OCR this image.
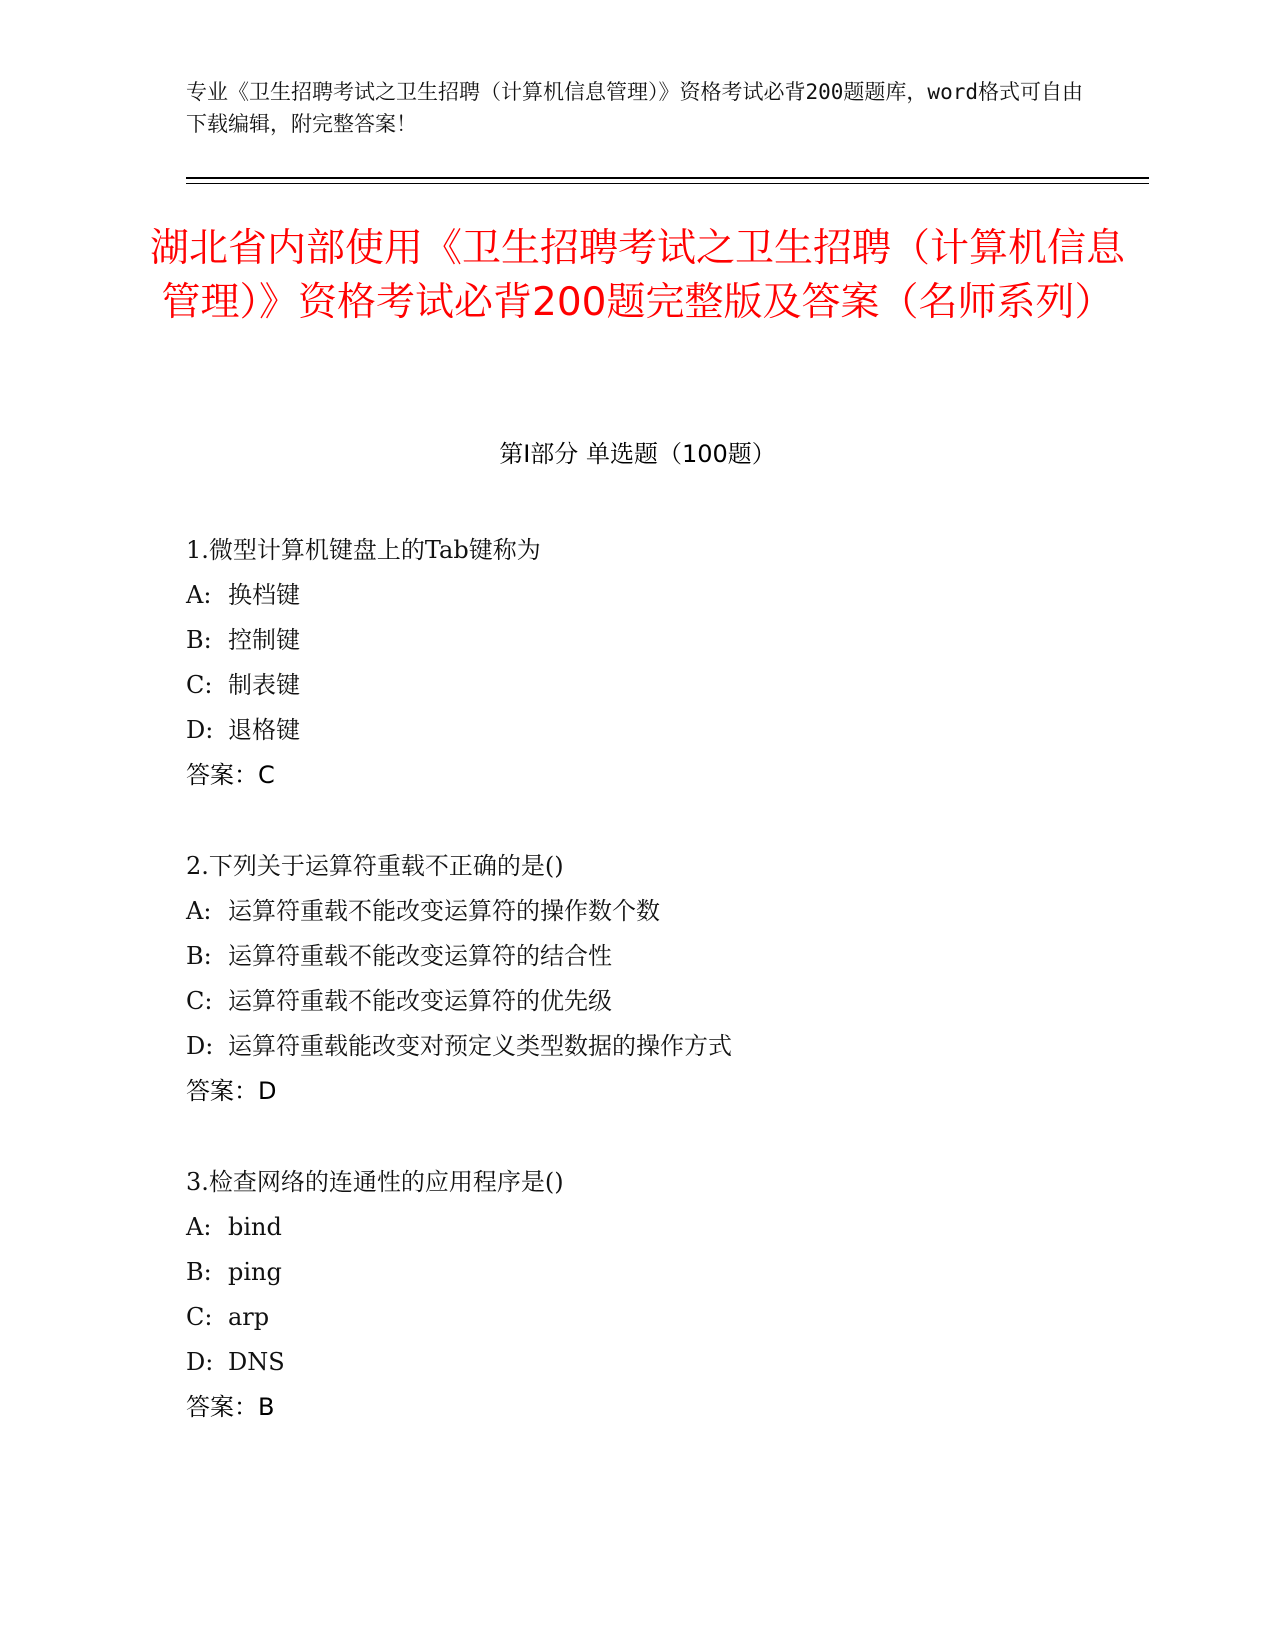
专业《卫生招聘考试之卫生招聘（计算机信息管理）》资格考试必背200题题库，word格式可自由下载编辑，附完整答案！
湖北省内部使用《卫生招聘考试之卫生招聘（计算机信息管理）》资格考试必背200题完整版及答案（名师系列）
第Ⅰ部分 单选题（100题）
1.微型计算机键盘上的Tab键称为
A: 换档键
B: 控制键
C: 制表键
D: 退格键
答案：C
2.下列关于运算符重载不正确的是()
A: 运算符重载不能改变运算符的操作数个数
B: 运算符重载不能改变运算符的结合性
C: 运算符重载不能改变运算符的优先级
D: 运算符重载能改变对预定义类型数据的操作方式
答案：D
3.检查网络的连通性的应用程序是()
A: bind
B: ping
C: arp
D: DNS
答案：B
